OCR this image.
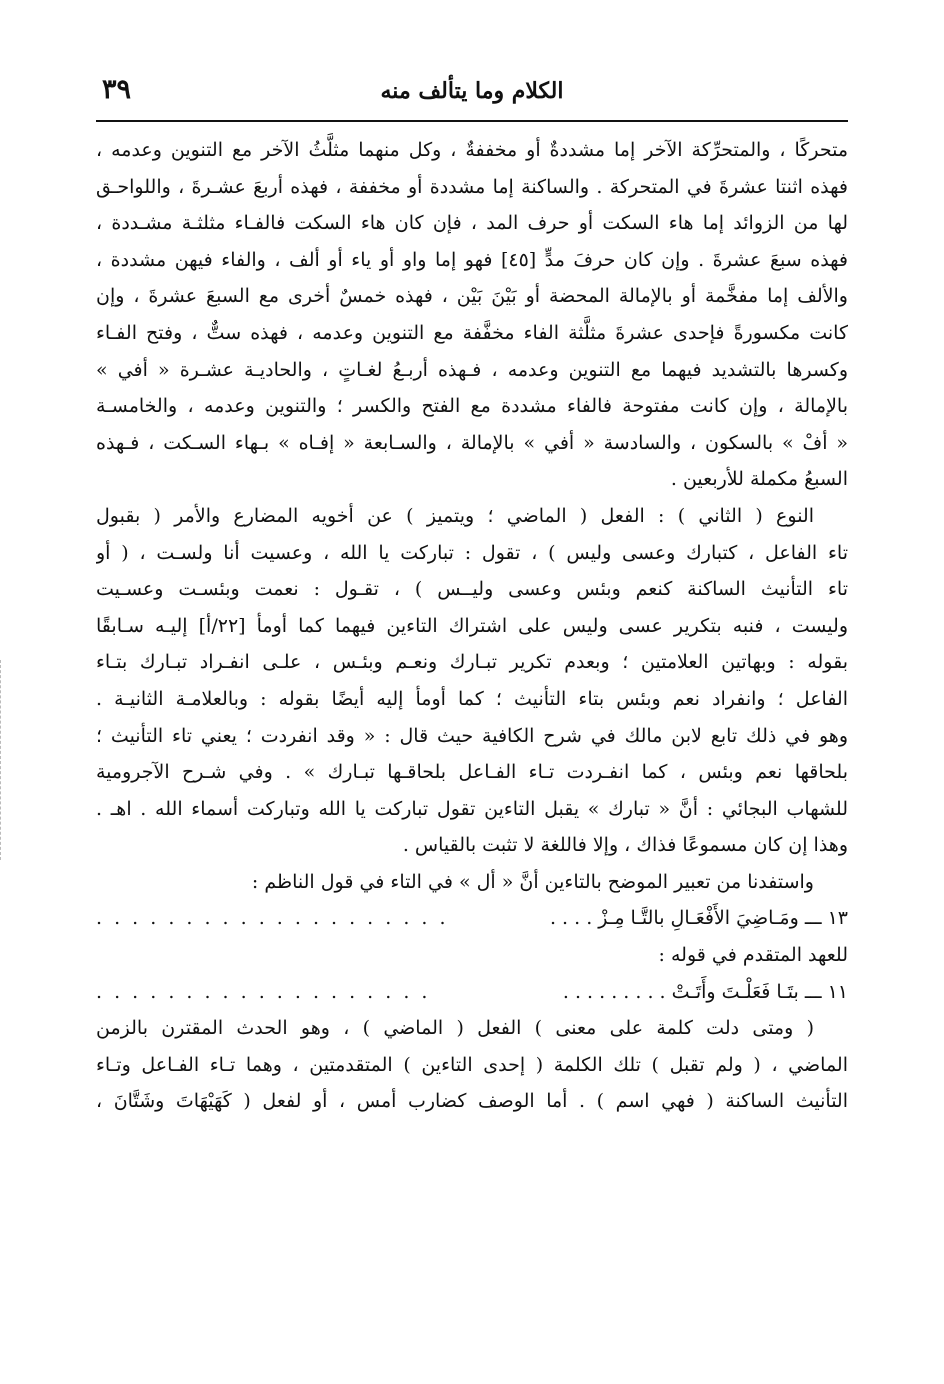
الكلام وما يتألف منه
٣٩
متحركًا ، والمتحرِّكة الآخر إما مشددةٌ أو مخففةٌ ، وكل منهما مثلَّثُ الآخر مع التنوين وعدمه ،
فهذه اثنتا عشرةَ في المتحركة . والساكنة إما مشددة أو مخففة ، فهذه أربعَ عشـرةَ ، واللواحـق
لها من الزوائد إما هاء السكت أو حرف المد ، فإن كان هاء السكت فالفـاء مثلثـة مشـددة ،
فهذه سبعَ عشرةَ . وإن كان حرفَ مدٍّ [٤٥] فهو إما واو أو ياء أو ألف ، والفاء فيهن مشددة ،
والألف إما مفخَّمة أو بالإمالة المحضة أو بَيْنَ بَيْن ، فهذه خمسٌ أخرى مع السبعَ عشرةَ ، وإن
كانت مكسورةً فإحدى عشرةَ مثلَّثة الفاء مخفَّفة مع التنوين وعدمه ، فهذه ستٌّ ، وفتح الفـاء
وكسرها بالتشديد فيهما مع التنوين وعدمه ، فـهذه أربـعُ لغـاتٍ ، والحاديـة عشـرة « أفي »
بالإمالة ، وإن كانت مفتوحة فالفاء مشددة مع الفتح والكسر ؛ والتنوين وعدمه ، والخامسـة
« أفْ » بالسكون ، والسادسة « أفي » بالإمالة ، والسـابعة « إفـاه » بـهاء السـكت ، فـهذه
السبعُ مكملة للأربعين .
النوع ( الثاني ) : الفعل ( الماضي ؛ ويتميز ) عن أخويه المضارع والأمر ( بقبول
تاء الفاعل ، كتبارك وعسى وليس ) ، تقول : تباركت يا الله ، وعسيت أنا ولسـت ، ( أو
تاء التأنيث الساكنة كنعم وبئس وعسى وليــس ) ، تقـول : نعمت وبئسـت وعسـيت
وليست ، فنبه بتكرير عسى وليس على اشتراك التاءين فيهما كما أومأ [٢٢/أ] إليـه سـابقًا
بقوله : وبهاتين العلامتين ؛ وبعدم تكرير تبـارك ونعـم وبئـس ، علـى انفـراد تبـارك بتـاء
الفاعل ؛ وانفراد نعم وبئس بتاء التأنيث ؛ كما أومأ إليه أيضًا بقوله : وبالعلامـة الثانيـة .
وهو في ذلك تابع لابن مالك في شرح الكافية حيث قال : « وقد انفردت ؛ يعني تاء التأنيث ؛
بلحاقها نعم وبئس ، كما انفـردت تـاء الفـاعل بلحاقـها تبـارك » . وفي شـرح الآجرومية
للشهاب البجائي : أنَّ « تبارك » يقبل التاءين تقول تباركت يا الله وتباركت أسماء الله . اهـ .
وهذا إن كان مسموعًا فذاك ، وإلا فاللغة لا تثبت بالقياس .
واستفدنا من تعبير الموضح بالتاءين أنَّ « أل » في التاء في قول الناظم :
١٣ ـــ ومَـاضِيَ الأَفْعَـالِ بالتَّـا مِـزْ . . . .
. . . . . . . . . . . . . . . . . . . .
للعهد المتقدم في قوله :
١١ ـــ بتَـا فَعَلْـتَ وأَتَـتْ . . . . . . . . .
. . . . . . . . . . . . . . . . . . .
( ومتى دلت كلمة على معنى ) الفعل ( الماضي ) ، وهو الحدث المقترن بالزمن
الماضي ، ( ولم تقبل ) تلك الكلمة ( إحدى التاءين ) المتقدمتين ، وهما تـاء الفـاعل وتـاء
التأنيث الساكنة ( فهي اسم ) . أما الوصف كضارب أمس ، أو لفعل ( كَهَيْهَاتَ وشَتَّانَ ،
